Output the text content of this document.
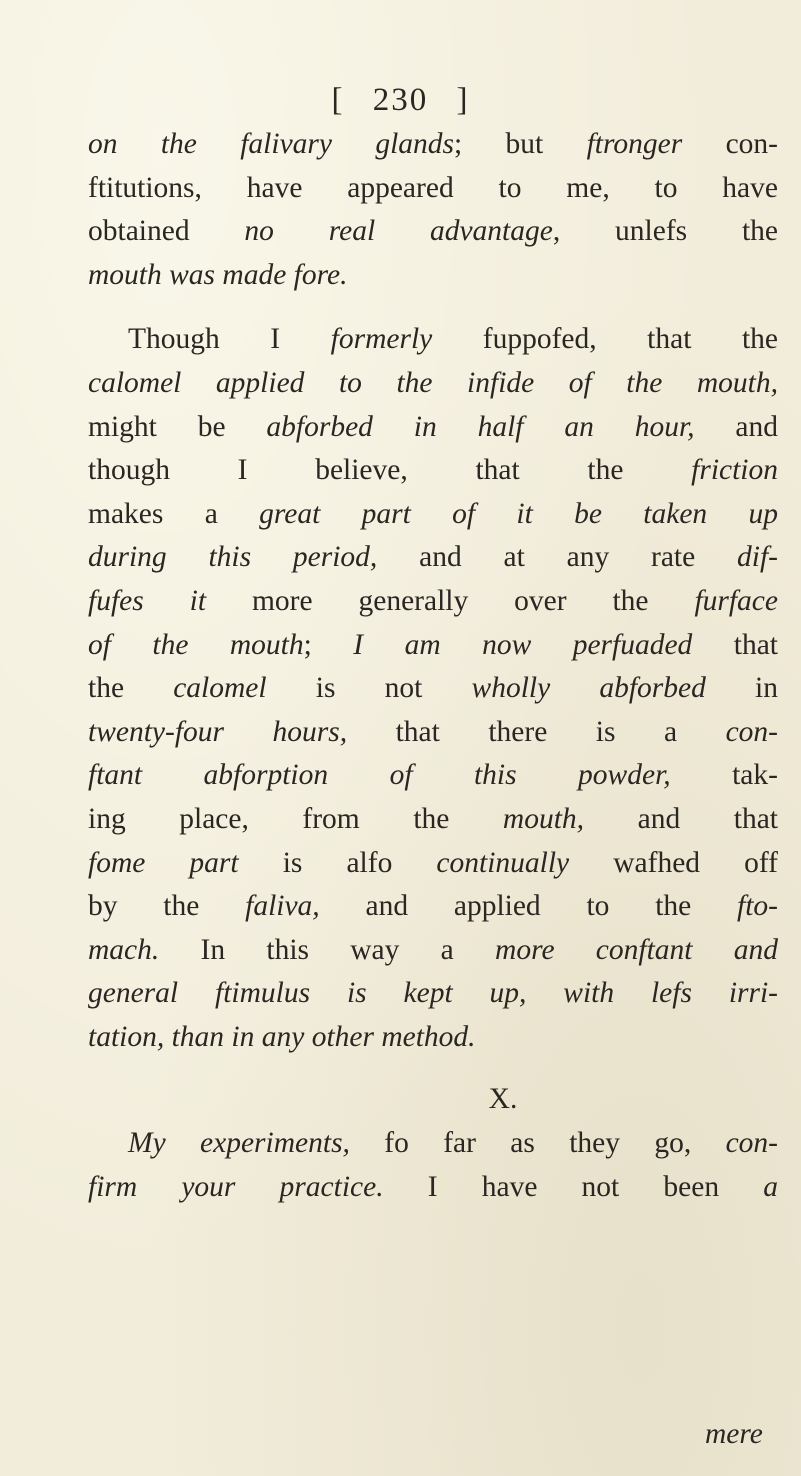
[ 230 ]
on the falivary glands; but ftronger con-
ftitutions, have appeared to me, to have
obtained no real advantage, unlefs the
mouth was made fore.
Though I formerly fuppofed, that the
calomel applied to the infide of the mouth,
might be abforbed in half an hour, and
though I believe, that the friction
makes a great part of it be taken up
during this period, and at any rate dif-
fufes it more generally over the furface
of the mouth; I am now perfuaded that
the calomel is not wholly abforbed in
twenty-four hours, that there is a con-
ftant abforption of this powder, tak-
ing place, from the mouth, and that
fome part is alfo continually wafhed off
by the faliva, and applied to the fto-
mach. In this way a more conftant and
general ftimulus is kept up, with lefs irri-
tation, than in any other method.
X.
My experiments, fo far as they go, con-
firm your practice. I have not been a
mere
